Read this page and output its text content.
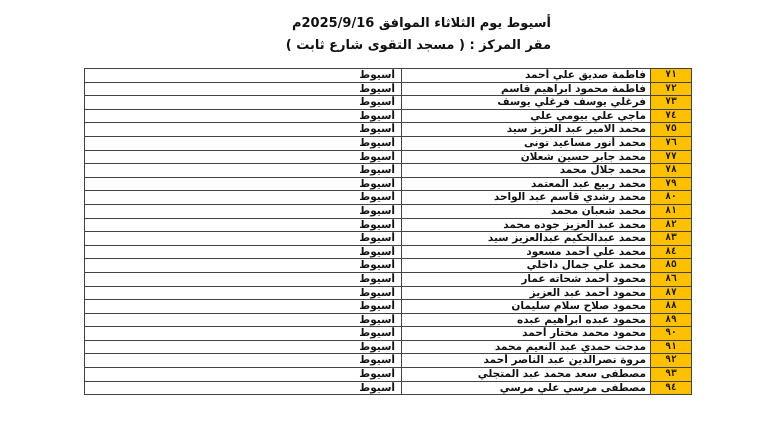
أسيوط يوم الثلاثاء الموافق 2025/9/16م
مقر المركز : ( مسجد التقوى شارع ثابت )
٧١	فاطمة صديق علي أحمد	أسيوط
٧٢	فاطمة محمود ابراهيم قاسم	أسيوط
٧٣	فرغلي يوسف فرغلي يوسف	أسيوط
٧٤	ماجي علي بيومي علي	أسيوط
٧٥	محمد الامير عبد العزيز سيد	أسيوط
٧٦	محمد أنور مساعيد تونى	أسيوط
٧٧	محمد جابر حسين شعلان	أسيوط
٧٨	محمد جلال محمد	أسيوط
٧٩	محمد ربيع عبد المعتمد	أسيوط
٨٠	محمد رشدي قاسم عبد الواحد	أسيوط
٨١	محمد شعبان محمد	أسيوط
٨٢	محمد عبد العزيز جوده محمد	أسيوط
٨٣	محمد عبدالحكيم عبدالعزيز سيد	أسيوط
٨٤	محمد علي أحمد مسعود	أسيوط
٨٥	محمد علي جمال داخلي	أسيوط
٨٦	محمود أحمد شحاته عمار	أسيوط
٨٧	محمود أحمد عبد العزيز	أسيوط
٨٨	محمود صلاح سلام سليمان	أسيوط
٨٩	محمود عبده ابراهيم عبده	أسيوط
٩٠	محمود محمد مختار أحمد	أسيوط
٩١	مدحت حمدي عبد النعيم محمد	أسيوط
٩٢	مروة نصرالدين عبد الناصر أحمد	أسيوط
٩٣	مصطفى سعد محمد عبد المتجلي	أسيوط
٩٤	مصطفى مرسي علي مرسي	أسيوط
